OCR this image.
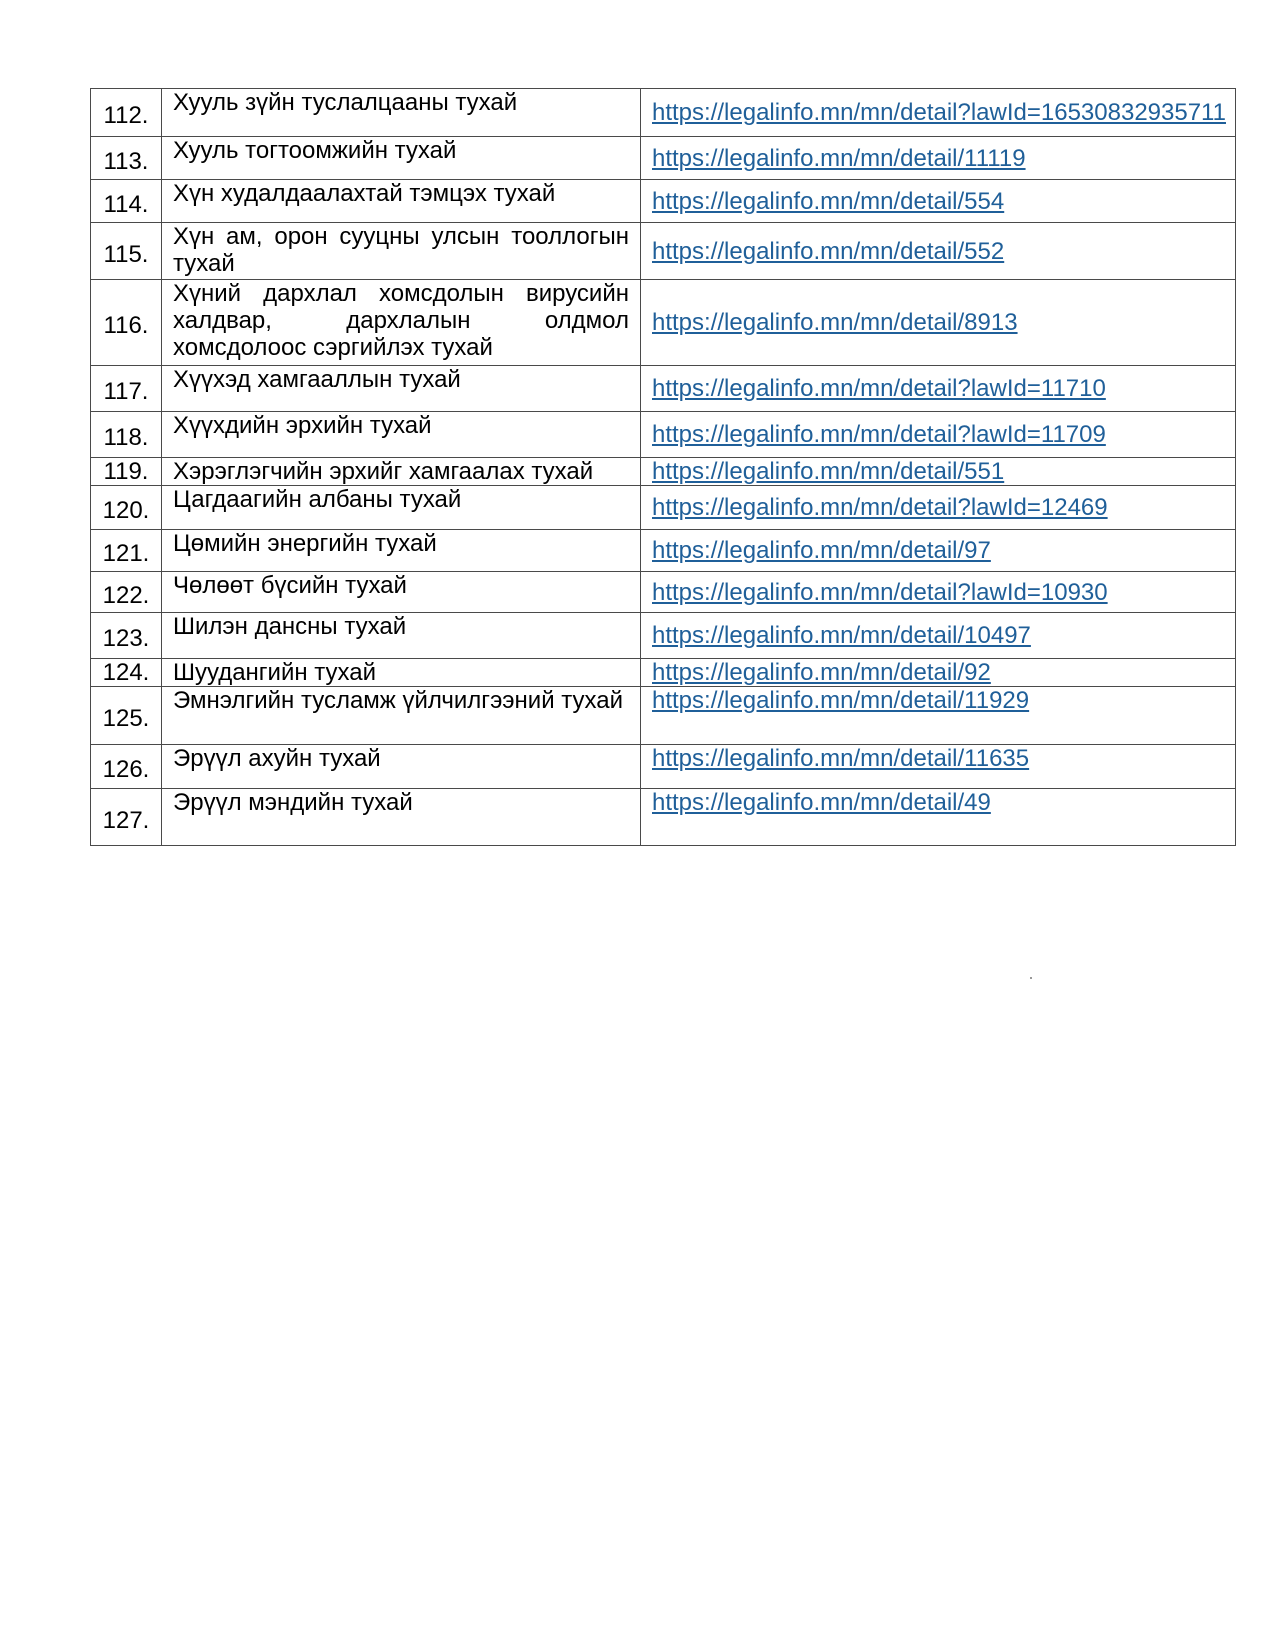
112.	Хууль зүйн туслалцааны тухай	https://legalinfo.mn/mn/detail?lawId=16530832935711
113.	Хууль тогтоомжийн тухай	https://legalinfo.mn/mn/detail/11119
114.	Хүн худалдаалахтай тэмцэх тухай	https://legalinfo.mn/mn/detail/554
115.	Хүн ам, орон сууцны улсын тооллогын тухай	https://legalinfo.mn/mn/detail/552
116.	Хүний дархлал хомсдолын вирусийн халдвар, дархлалын олдмол хомсдолоос сэргийлэх тухай	https://legalinfo.mn/mn/detail/8913
117.	Хүүхэд хамгааллын тухай	https://legalinfo.mn/mn/detail?lawId=11710
118.	Хүүхдийн эрхийн тухай	https://legalinfo.mn/mn/detail?lawId=11709
119.	Хэрэглэгчийн эрхийг хамгаалах тухай	https://legalinfo.mn/mn/detail/551
120.	Цагдаагийн албаны тухай	https://legalinfo.mn/mn/detail?lawId=12469
121.	Цөмийн энергийн тухай	https://legalinfo.mn/mn/detail/97
122.	Чөлөөт бүсийн тухай	https://legalinfo.mn/mn/detail?lawId=10930
123.	Шилэн дансны тухай	https://legalinfo.mn/mn/detail/10497
124.	Шуудангийн тухай	https://legalinfo.mn/mn/detail/92
125.	Эмнэлгийн тусламж үйлчилгээний тухай	https://legalinfo.mn/mn/detail/11929
126.	Эрүүл ахуйн тухай	https://legalinfo.mn/mn/detail/11635
127.	Эрүүл мэндийн тухай	https://legalinfo.mn/mn/detail/49
